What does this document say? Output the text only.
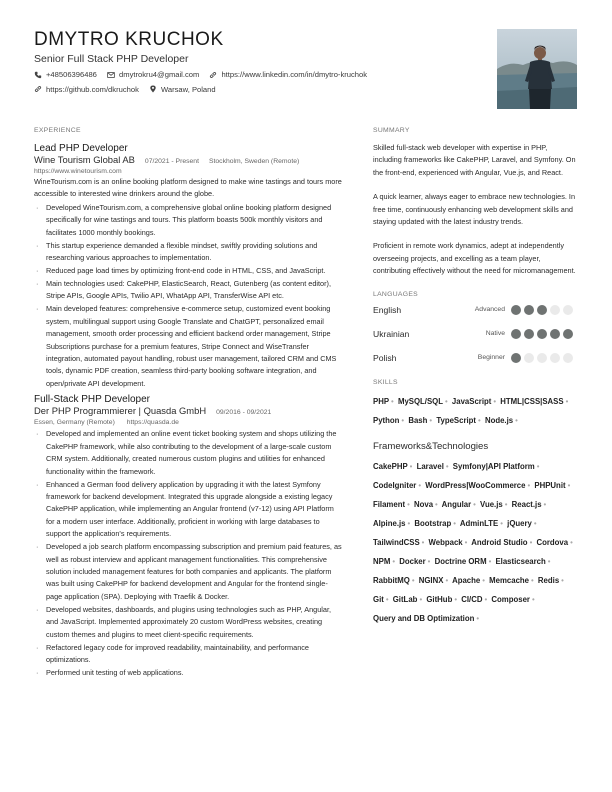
DMYTRO KRUCHOK
Senior Full Stack PHP Developer
+48506396486
	dmytrokru4@gmail.com
	https://www.linkedin.com/in/dmytro-kruchok

https://github.com/dkruchok
	Warsaw, Poland
EXPERIENCE
Lead PHP Developer
Wine Tourism Global AB 07/2021 - Present Stockholm, Sweden (Remote)
https://www.winetourism.com
WineTourism.com is an online booking platform designed to make wine tastings and tours more accessible to interested wine drinkers around the globe.
· Developed WineTourism.com, a comprehensive global online booking platform designed specifically for wine tastings and tours. This platform boasts 500k monthly visitors and facilitates 1000 monthly bookings.
· This startup experience demanded a flexible mindset, swiftly providing solutions and researching various approaches to implementation.
· Reduced page load times by optimizing front-end code in HTML, CSS, and JavaScript.
· Main technologies used: CakePHP, ElasticSearch, React, Gutenberg (as content editor), Stripe APIs, Google APIs, Twilio API, WhatApp API, TransferWise API etc.
· Main developed features: comprehensive e-commerce setup, customized event booking system, multilingual support using Google Translate and ChatGPT, personalized email management, smooth order processing and efficient backend order management, Stripe Subscriptions purchase for a premium features, Stripe Connect and WiseTransfer integration, automated payout handling, robust user management, tailored CRM and CMS tools, dynamic PDF creation, seamless third-party booking software integration, and open/private API development.
Full-Stack PHP Developer
Der PHP Programmierer | Quasda GmbH 09/2016 - 09/2021
Essen, Germany (Remote) https://quasda.de
· Developed and implemented an online event ticket booking system and shops utilizing the CakePHP framework, while also contributing to the development of a large-scale custom CRM system. Additionally, created numerous custom plugins and utilities for enhanced functionality within the framework.
· Enhanced a German food delivery application by upgrading it with the latest Symfony framework for backend development. Integrated this upgrade alongside a existing legacy CakePHP application, while implementing an Angular frontend (v7-12) using API Platform for a modern user interface. Additionally, proficient in working with large databases to support the application's requirements.
· Developed a job search platform encompassing subscription and premium paid features, as well as robust interview and applicant management functionalities. This comprehensive solution included management features for both companies and applicants. The platform was built using CakePHP for backend development and Angular for the frontend single-page application (SPA). Deploying with Traefik & Docker.
· Developed websites, dashboards, and plugins using technologies such as PHP, Angular, and JavaScript. Implemented approximately 20 custom WordPress websites, creating custom themes and plugins to meet client-specific requirements.
· Refactored legacy code for improved readability, maintainability, and performance optimizations.
· Performed unit testing of web applications.
SUMMARY

Skilled full-stack web developer with expertise in PHP, including frameworks like CakePHP, Laravel, and Symfony. On the front-end, experienced with Angular, Vue.js, and React.

A quick learner, always eager to embrace new technologies. In free time, continuously enhancing web development skills and staying updated with the latest industry trends.

Proficient in remote work dynamics, adept at independently overseeing projects, and excelling as a team player, contributing effectively without the need for micromanagement.

LANGUAGES
English	Advanced
Ukrainian	Native
Polish	Beginner
SKILLS
PHP • MySQL/SQL • JavaScript • HTML|CSS|SASS • Python • Bash • TypeScript • Node.js •
Frameworks&Technologies
CakePHP • Laravel • Symfony|API Platform • CodeIgniter • WordPress|WooCommerce • PHPUnit • Filament • Nova • Angular • Vue.js • React.js • Alpine.js • Bootstrap • AdminLTE • jQuery • TailwindCSS • Webpack • Android Studio • Cordova • NPM • Docker • Doctrine ORM • Elasticsearch • RabbitMQ • NGINX • Apache • Memcache • Redis • Git • GitLab • GitHub • CI/CD • Composer • Query and DB Optimization •
